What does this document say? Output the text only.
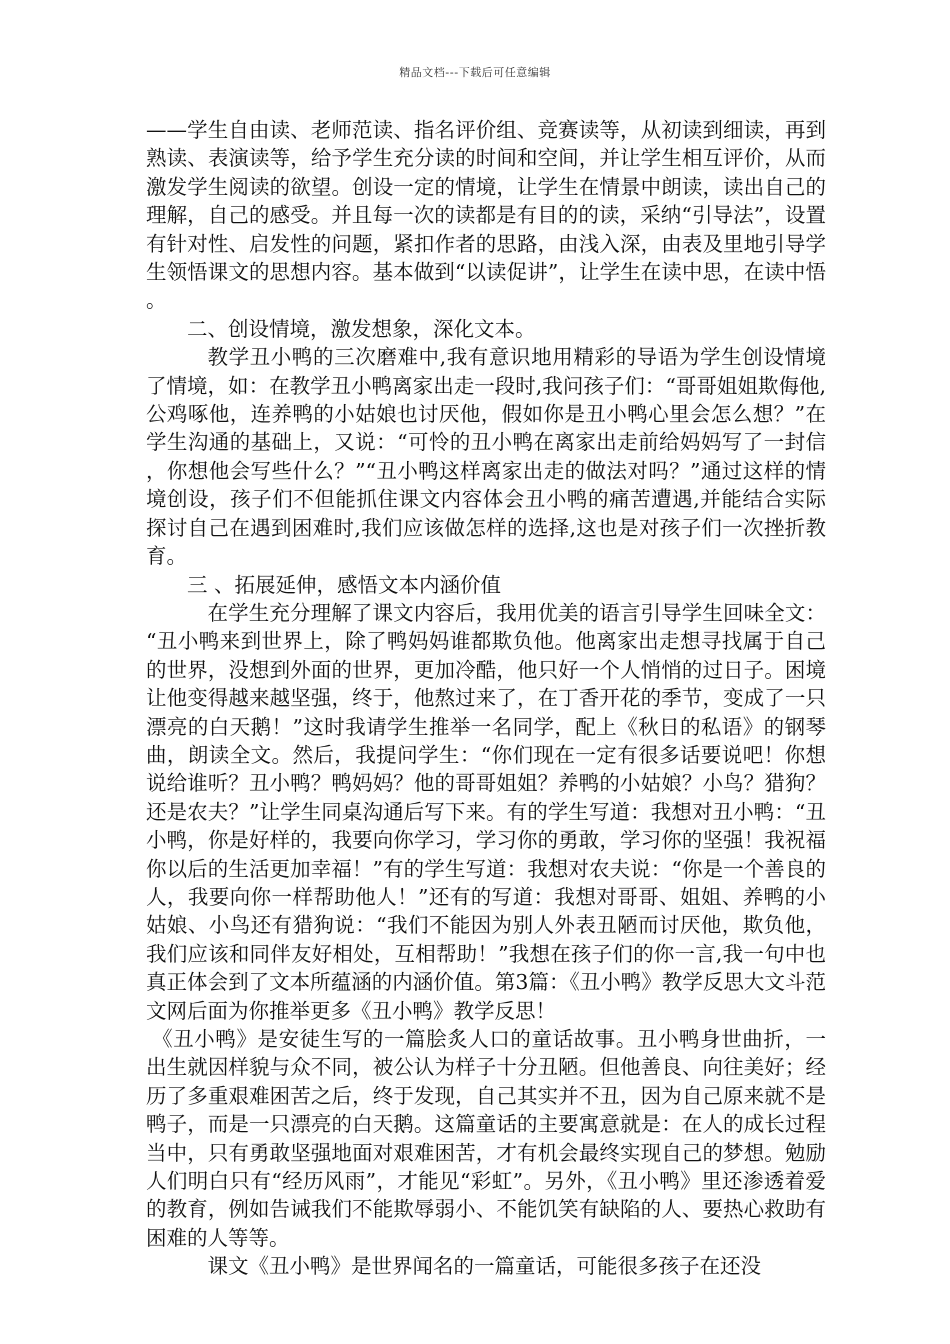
精品文档---下载后可任意编辑

——学生自由读、老师范读、指名评价组、竞赛读等，从初读到细读，再到熟读、表演读等，给予学生充分读的时间和空间，并让学生相互评价，从而激发学生阅读的欲望。创设一定的情境，让学生在情景中朗读，读出自己的理解，自己的感受。并且每一次的读都是有目的的读，采纳“引导法”，设置有针对性、启发性的问题，紧扣作者的思路，由浅入深，由表及里地引导学生领悟课文的思想内容。基本做到“以读促讲”，让学生在读中思，在读中悟。

二、创设情境，激发想象，深化文本。

教学丑小鸭的三次磨难中,我有意识地用精彩的导语为学生创设情境了情境，如：在教学丑小鸭离家出走一段时,我问孩子们：“哥哥姐姐欺侮他,公鸡啄他，连养鸭的小姑娘也讨厌他，假如你是丑小鸭心里会怎么想？”在学生沟通的基础上，又说：“可怜的丑小鸭在离家出走前给妈妈写了一封信，你想他会写些什么？”“丑小鸭这样离家出走的做法对吗？”通过这样的情境创设，孩子们不但能抓住课文内容体会丑小鸭的痛苦遭遇,并能结合实际探讨自己在遇到困难时,我们应该做怎样的选择,这也是对孩子们一次挫折教育。

三 、拓展延伸，感悟文本内涵价值

在学生充分理解了课文内容后，我用优美的语言引导学生回味全文：“丑小鸭来到世界上，除了鸭妈妈谁都欺负他。他离家出走想寻找属于自己的世界，没想到外面的世界，更加冷酷，他只好一个人悄悄的过日子。困境让他变得越来越坚强，终于，他熬过来了，在丁香开花的季节，变成了一只漂亮的白天鹅！”这时我请学生推举一名同学，配上《秋日的私语》的钢琴曲，朗读全文。然后，我提问学生：“你们现在一定有很多话要说吧！你想说给谁听？丑小鸭？鸭妈妈？他的哥哥姐姐？养鸭的小姑娘？小鸟？猎狗？还是农夫？”让学生同桌沟通后写下来。有的学生写道：我想对丑小鸭：“丑小鸭，你是好样的，我要向你学习，学习你的勇敢，学习你的坚强！我祝福你以后的生活更加幸福！”有的学生写道：我想对农夫说：“你是一个善良的人，我要向你一样帮助他人！”还有的写道：我想对哥哥、姐姐、养鸭的小姑娘、小鸟还有猎狗说：“我们不能因为别人外表丑陋而讨厌他，欺负他，我们应该和同伴友好相处，互相帮助！”我想在孩子们的你一言,我一句中也真正体会到了文本所蕴涵的内涵价值。第3篇：《丑小鸭》教学反思大文斗范文网后面为你推举更多《丑小鸭》教学反思！

《丑小鸭》是安徒生写的一篇脍炙人口的童话故事。丑小鸭身世曲折，一出生就因样貌与众不同，被公认为样子十分丑陋。但他善良、向往美好；经历了多重艰难困苦之后，终于发现，自己其实并不丑，因为自己原来就不是鸭子，而是一只漂亮的白天鹅。这篇童话的主要寓意就是：在人的成长过程当中，只有勇敢坚强地面对艰难困苦，才有机会最终实现自己的梦想。勉励人们明白只有“经历风雨”，才能见“彩虹”。另外，《丑小鸭》里还渗透着爱的教育，例如告诫我们不能欺辱弱小、不能饥笑有缺陷的人、要热心救助有困难的人等等。

课文《丑小鸭》是世界闻名的一篇童话，可能很多孩子在还没
